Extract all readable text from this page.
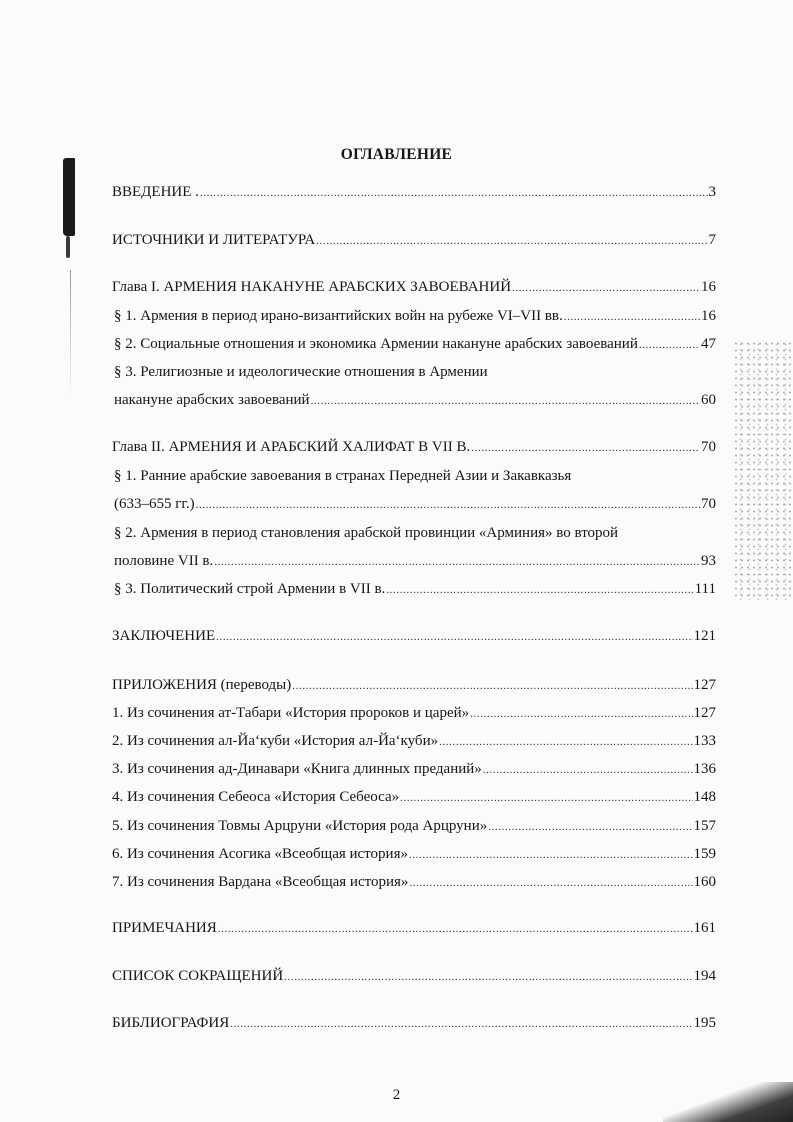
ОГЛАВЛЕНИЕ
ВВЕДЕНИЕ . .....	3
ИСТОЧНИКИ И ЛИТЕРАТУРА .....	7
Глава I. АРМЕНИЯ НАКАНУНЕ АРАБСКИХ ЗАВОЕВАНИЙ .....	16
§ 1. Армения в период ирано-византийских войн на рубеже VI–VII вв. .....	16
§ 2. Социальные отношения и экономика Армении накануне арабских завоеваний .....	47
§ 3. Религиозные и идеологические отношения в Армении
накануне арабских завоеваний .....	60
Глава II. АРМЕНИЯ И АРАБСКИЙ ХАЛИФАТ В VII В. .....	70
§ 1. Ранние арабские завоевания в странах Передней Азии и Закавказья
(633–655 гг.) .....	70
§ 2. Армения в период становления арабской провинции «Арминия» во второй
половине VII в. .....	93
§ 3. Политический строй Армении в VII в. .....	111
ЗАКЛЮЧЕНИЕ .....	121
ПРИЛОЖЕНИЯ (переводы) .....	127
1. Из сочинения ат-Табари «История пророков и царей» .....	127
2. Из сочинения ал-Йа‘куби «История ал-Йа‘куби» .....	133
3. Из сочинения ад-Динавари «Книга длинных преданий» .....	136
4. Из сочинения Себеоса «История Себеоса» .....	148
5. Из сочинения Товмы Арцруни «История рода Арцруни» .....	157
6. Из сочинения Асогика «Всеобщая история» .....	159
7. Из сочинения Вардана «Всеобщая история» .....	160
ПРИМЕЧАНИЯ .....	161
СПИСОК СОКРАЩЕНИЙ .....	194
БИБЛИОГРАФИЯ .....	195
2
